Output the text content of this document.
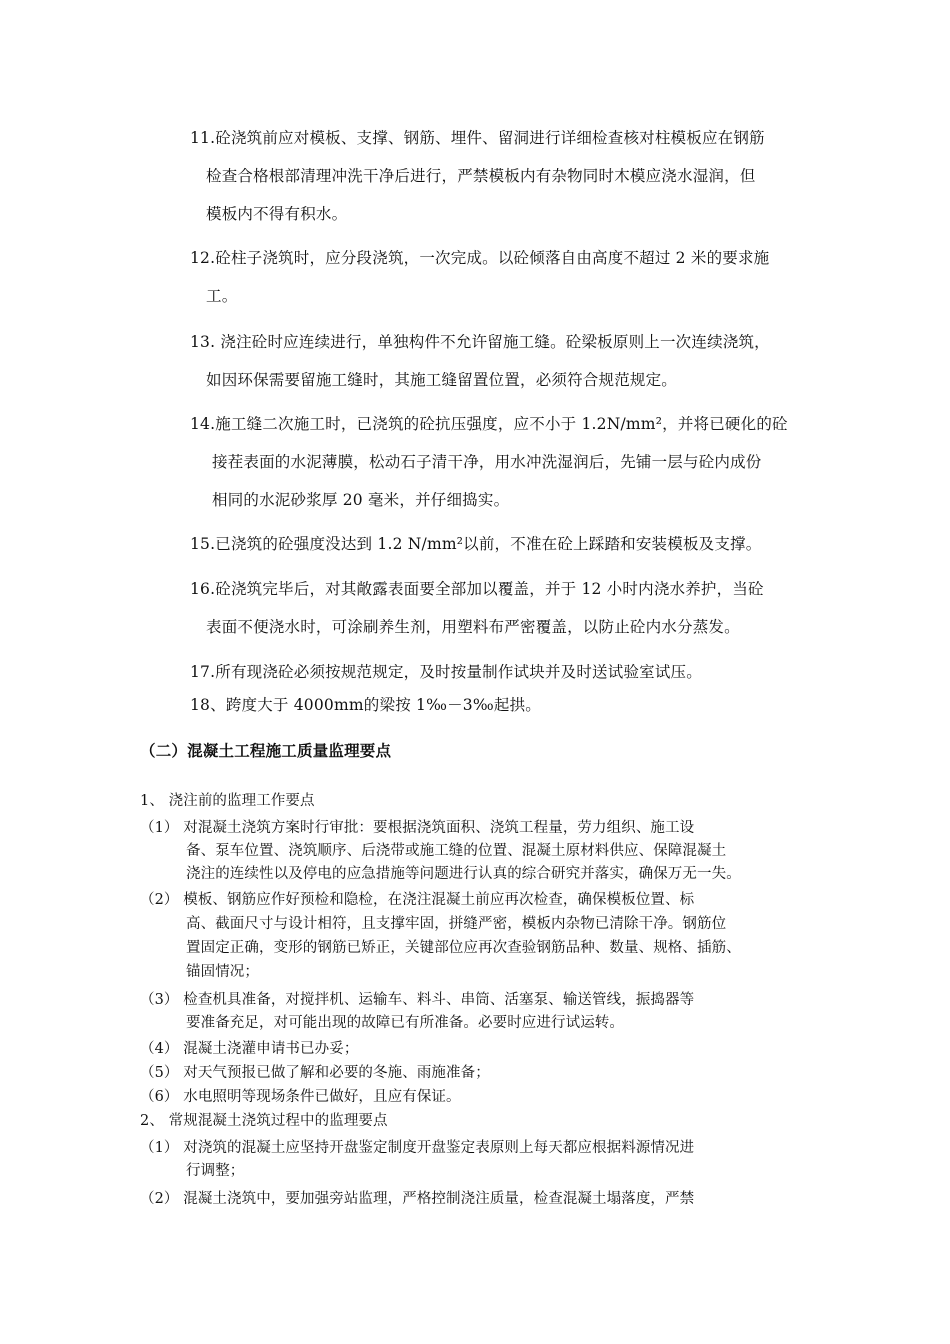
11.砼浇筑前应对模板、支撑、钢筋、埋件、留洞进行详细检查核对柱模板应在钢筋
检查合格根部清理冲洗干净后进行，严禁模板内有杂物同时木模应浇水湿润，但
模板内不得有积水。
12.砼柱子浇筑时，应分段浇筑，一次完成。以砼倾落自由高度不超过 2 米的要求施
工。
13. 浇注砼时应连续进行，单独构件不允许留施工缝。砼梁板原则上一次连续浇筑，
如因环保需要留施工缝时，其施工缝留置位置，必须符合规范规定。
14.施工缝二次施工时，已浇筑的砼抗压强度，应不小于 1.2N/mm²，并将已硬化的砼
接茬表面的水泥薄膜，松动石子清干净，用水冲洗湿润后，先铺一层与砼内成份
相同的水泥砂浆厚 20 毫米，并仔细捣实。
15.已浇筑的砼强度没达到 1.2 N/mm²以前，不准在砼上踩踏和安装模板及支撑。
16.砼浇筑完毕后，对其敞露表面要全部加以覆盖，并于 12 小时内浇水养护，当砼
表面不便浇水时，可涂刷养生剂，用塑料布严密覆盖，以防止砼内水分蒸发。
17.所有现浇砼必须按规范规定，及时按量制作试块并及时送试验室试压。
18、跨度大于 4000mm的梁按 1‰－3‰起拱。
（二）混凝土工程施工质量监理要点
1、 浇注前的监理工作要点
（1） 对混凝土浇筑方案时行审批：要根据浇筑面积、浇筑工程量，劳力组织、施工设
备、泵车位置、浇筑顺序、后浇带或施工缝的位置、混凝土原材料供应、保障混凝土
浇注的连续性以及停电的应急措施等问题进行认真的综合研究并落实，确保万无一失。
（2） 模板、钢筋应作好预检和隐检，在浇注混凝土前应再次检查，确保模板位置、标
高、截面尺寸与设计相符，且支撑牢固，拼缝严密，模板内杂物已清除干净。钢筋位
置固定正确，变形的钢筋已矫正，关键部位应再次查验钢筋品种、数量、规格、插筋、
锚固情况；
（3） 检查机具准备，对搅拌机、运输车、料斗、串筒、活塞泵、输送管线，振捣器等
要准备充足，对可能出现的故障已有所准备。必要时应进行试运转。
（4） 混凝土浇灌申请书已办妥；
（5） 对天气预报已做了解和必要的冬施、雨施准备；
（6） 水电照明等现场条件已做好，且应有保证。
2、 常规混凝土浇筑过程中的监理要点
（1） 对浇筑的混凝土应坚持开盘鉴定制度开盘鉴定表原则上每天都应根据料源情况进
行调整；
（2） 混凝土浇筑中，要加强旁站监理，严格控制浇注质量，检查混凝土塌落度，严禁
